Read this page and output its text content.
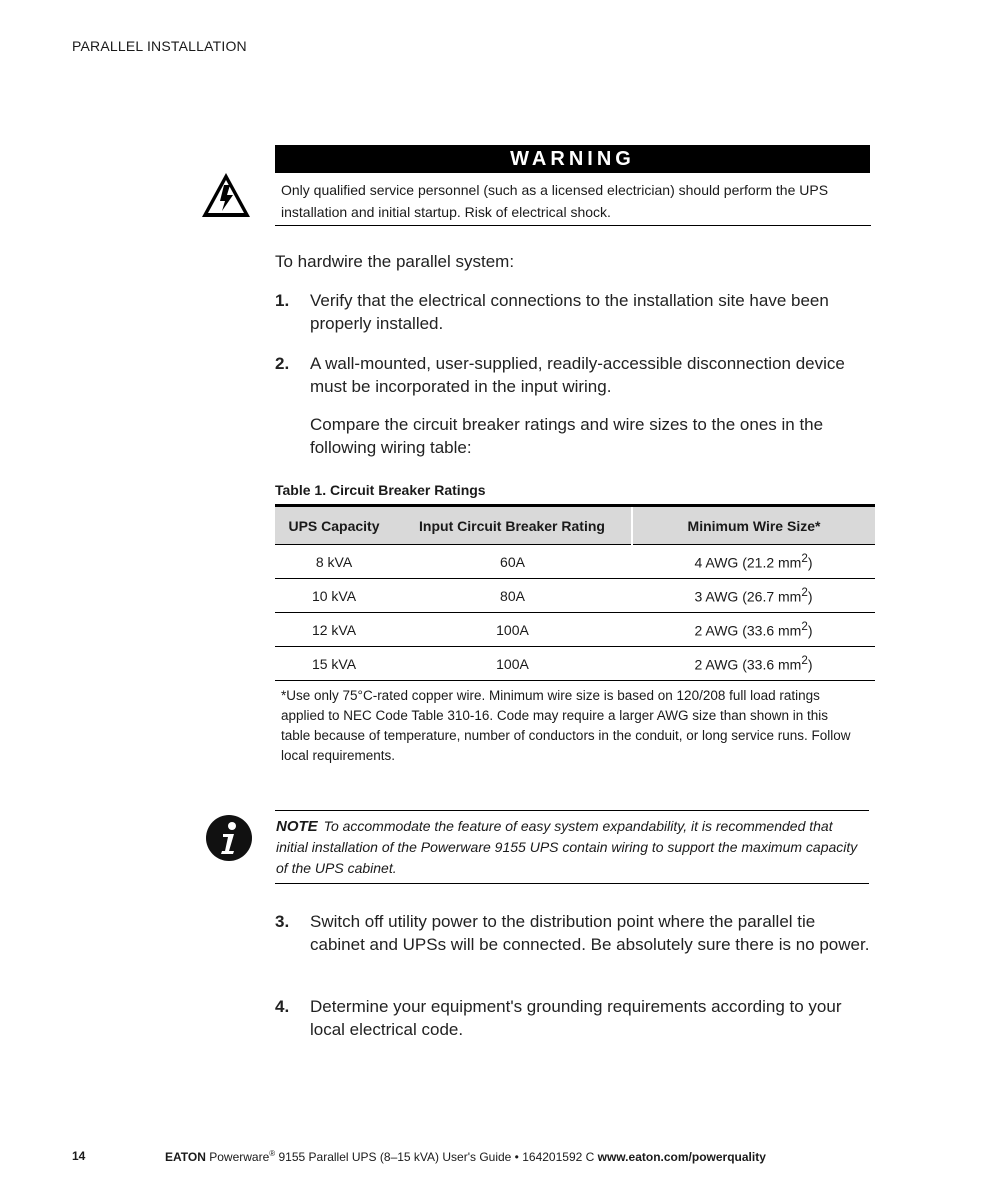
PARALLEL INSTALLATION
WARNING
Only qualified service personnel (such as a licensed electrician) should perform the UPS installation and initial startup. Risk of electrical shock.
To hardwire the parallel system:
1. Verify that the electrical connections to the installation site have been properly installed.
2. A wall-mounted, user-supplied, readily-accessible disconnection device must be incorporated in the input wiring.
Compare the circuit breaker ratings and wire sizes to the ones in the following wiring table:
Table 1. Circuit Breaker Ratings
UPS Capacity	Input Circuit Breaker Rating	Minimum Wire Size*
8 kVA	60A	4 AWG (21.2 $mm^2$)
10 kVA	80A	3 AWG (26.7 $mm^2$)
12 kVA	100A	2 AWG (33.6 $mm^2$)
15 kVA	100A	2 AWG (33.6 $mm^2$)
*Use only 75°C-rated copper wire. Minimum wire size is based on 120/208 full load ratings applied to NEC Code Table 310-16. Code may require a larger AWG size than shown in this table because of temperature, number of conductors in the conduit, or long service runs. Follow local requirements.
NOTE To accommodate the feature of easy system expandability, it is recommended that initial installation of the Powerware 9155 UPS contain wiring to support the maximum capacity of the UPS cabinet.
3. Switch off utility power to the distribution point where the parallel tie cabinet and UPSs will be connected. Be absolutely sure there is no power.
4. Determine your equipment's grounding requirements according to your local electrical code.
14	EATON Powerware® 9155 Parallel UPS (8–15 kVA) User's Guide • 164201592 C www.eaton.com/powerquality
